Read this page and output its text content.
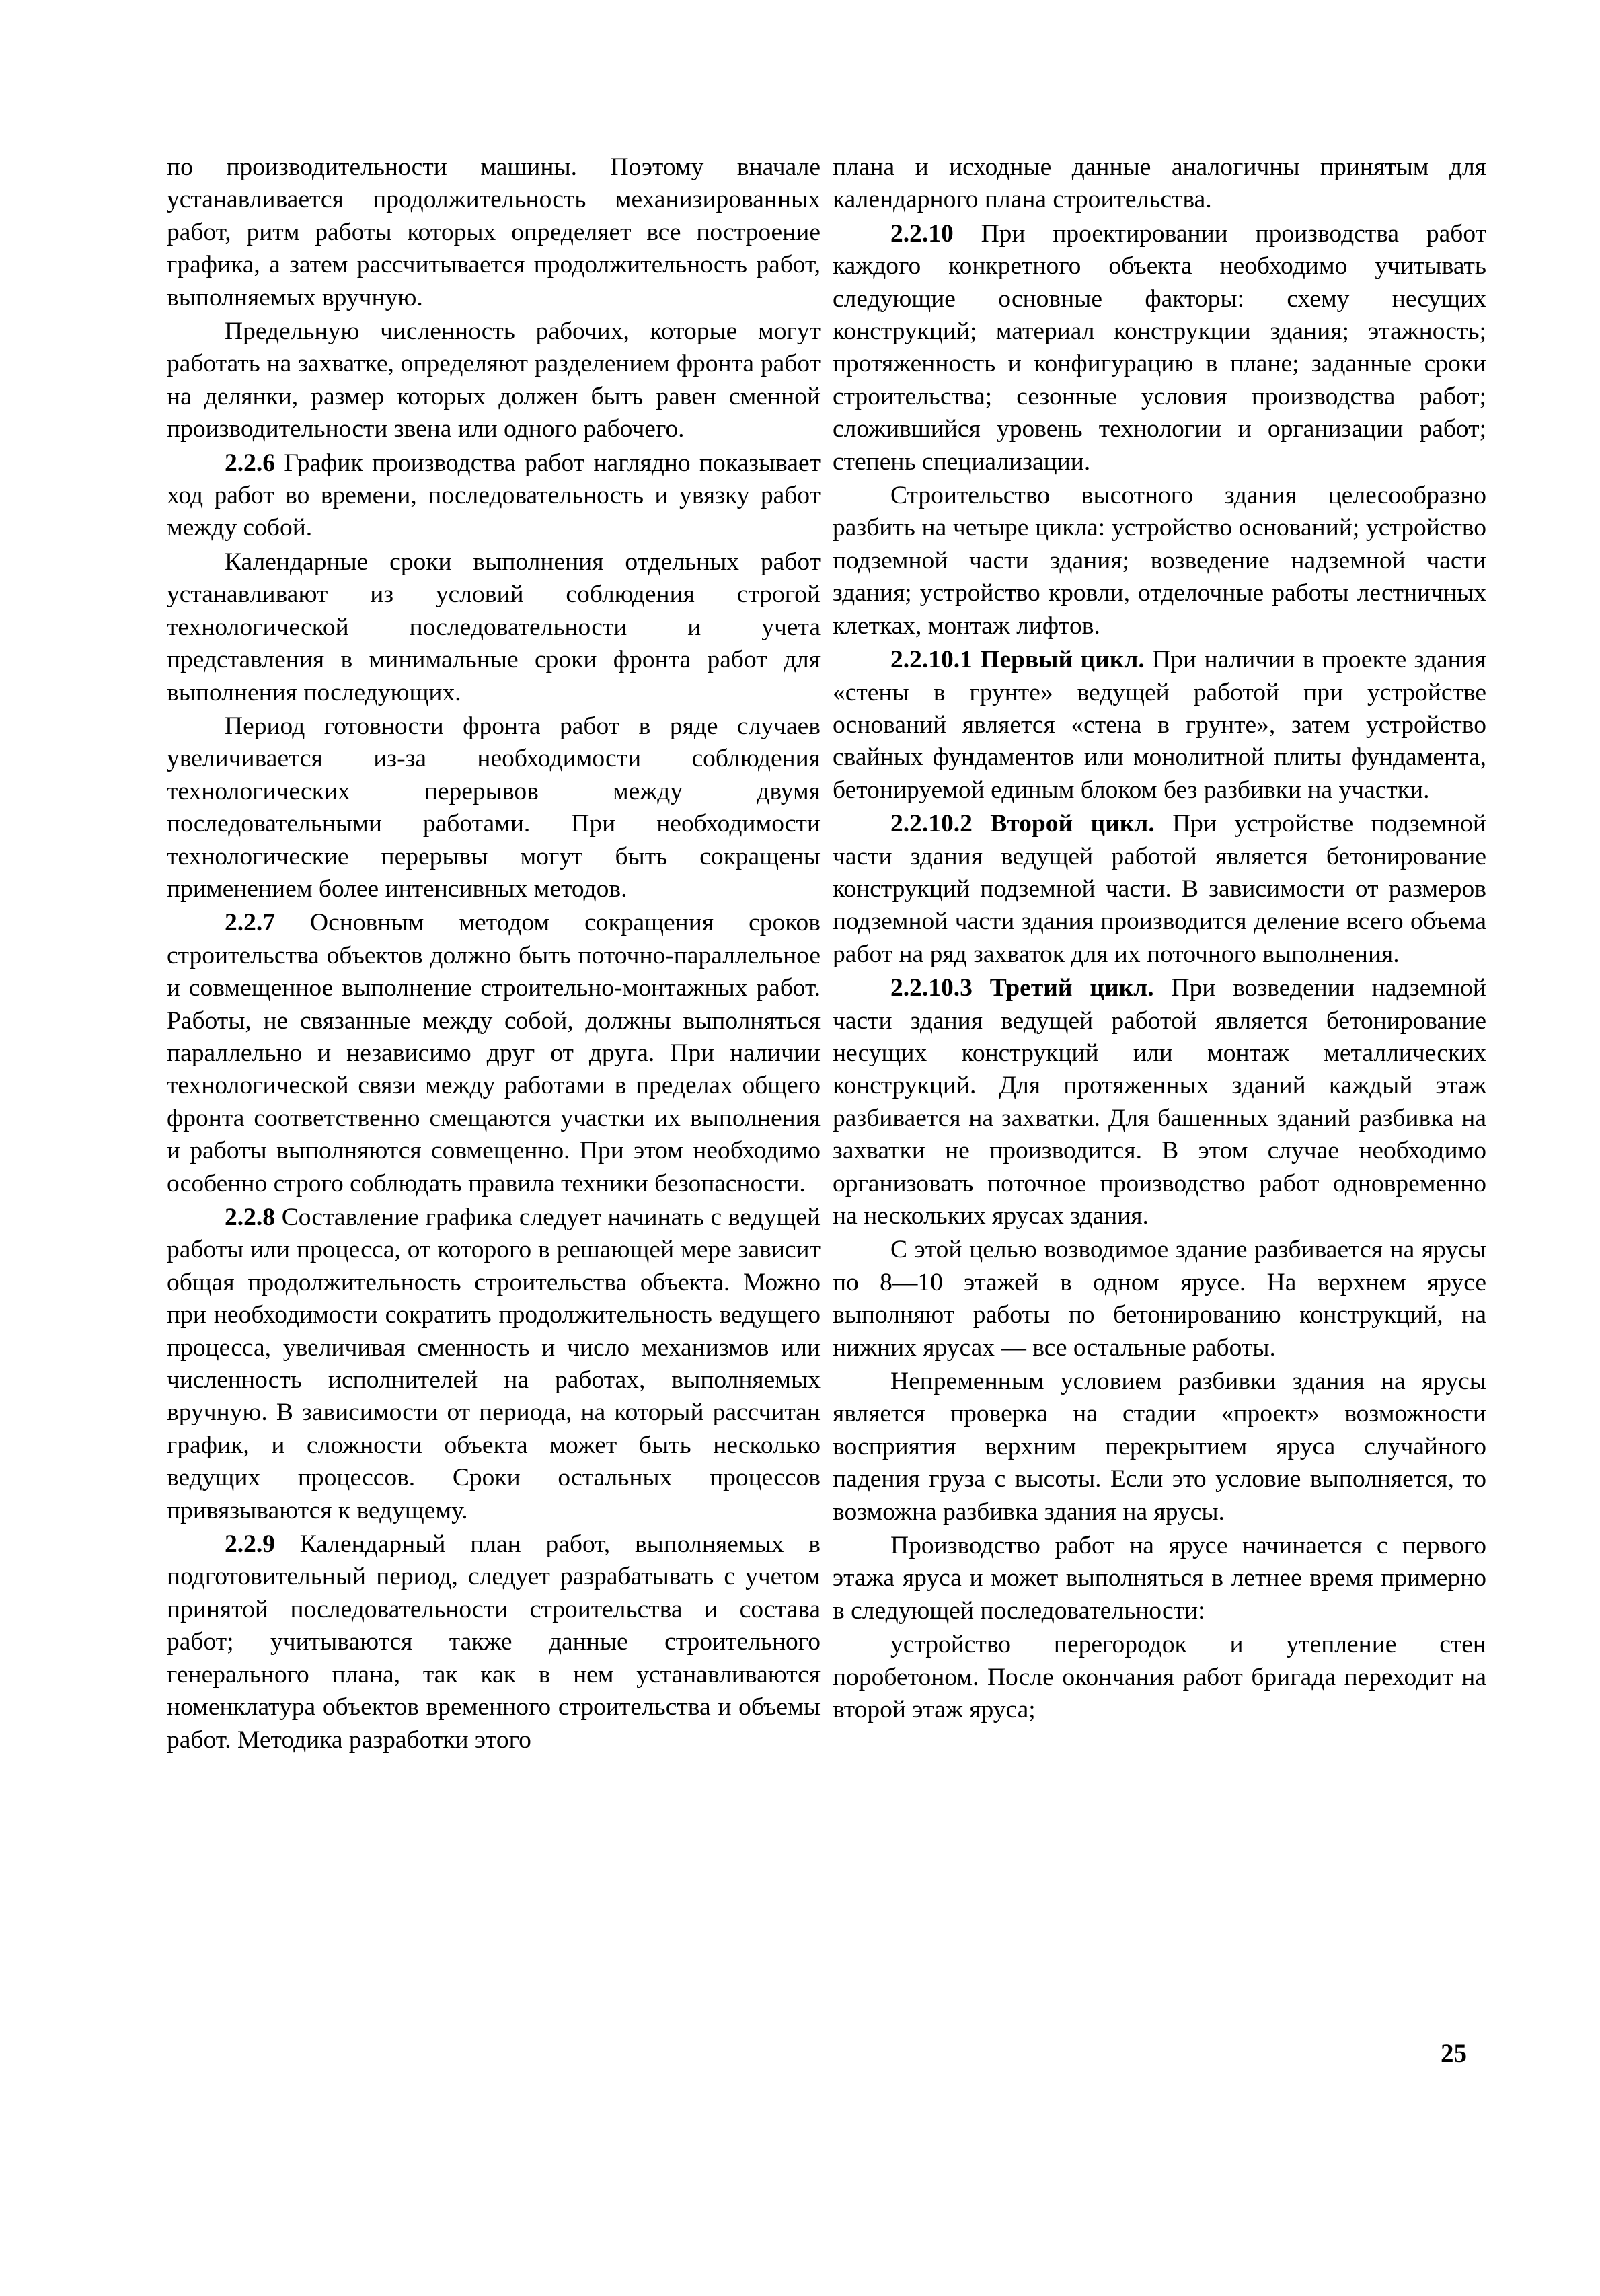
по производительности машины. Поэтому вначале устанавливается продолжительность механизированных работ, ритм работы которых определяет все построение графика, а затем рассчитывается продолжительность работ, выполняемых вручную.

Предельную численность рабочих, которые могут работать на захватке, определяют разделением фронта работ на делянки, размер которых должен быть равен сменной производительности звена или одного рабочего.

2.2.6 График производства работ наглядно показывает ход работ во времени, последовательность и увязку работ между собой.

Календарные сроки выполнения отдельных работ устанавливают из условий соблюдения строгой технологической последовательности и учета представления в минимальные сроки фронта работ для выполнения последующих.

Период готовности фронта работ в ряде случаев увеличивается из-за необходимости соблюдения технологических перерывов между двумя последовательными работами. При необходимости технологические перерывы могут быть сокращены применением более интенсивных методов.

2.2.7 Основным методом сокращения сроков строительства объектов должно быть поточно-параллельное и совмещенное выполнение строительно-монтажных работ. Работы, не связанные между собой, должны выполняться параллельно и независимо друг от друга. При наличии технологической связи между работами в пределах общего фронта соответственно смещаются участки их выполнения и работы выполняются совмещенно. При этом необходимо особенно строго соблюдать правила техники безопасности.

2.2.8 Составление графика следует начинать с ведущей работы или процесса, от которого в решающей мере зависит общая продолжительность строительства объекта. Можно при необходимости сократить продолжительность ведущего процесса, увеличивая сменность и число механизмов или численность исполнителей на работах, выполняемых вручную. В зависимости от периода, на который рассчитан график, и сложности объекта может быть несколько ведущих процессов. Сроки остальных процессов привязываются к ведущему.

2.2.9 Календарный план работ, выполняемых в подготовительный период, следует разрабатывать с учетом принятой последовательности строительства и состава работ; учитываются также данные строительного генерального плана, так как в нем устанавливаются номенклатура объектов временного строительства и объемы работ. Методика разработки этого

плана и исходные данные аналогичны принятым для календарного плана строительства.

2.2.10 При проектировании производства работ каждого конкретного объекта необходимо учитывать следующие основные факторы: схему несущих конструкций; материал конструкции здания; этажность; протяженность и конфигурацию в плане; заданные сроки строительства; сезонные условия производства работ; сложившийся уровень технологии и организации работ; степень специализации.

Строительство высотного здания целесообразно разбить на четыре цикла: устройство оснований; устройство подземной части здания; возведение надземной части здания; устройство кровли, отделочные работы лестничных клетках, монтаж лифтов.

2.2.10.1 Первый цикл. При наличии в проекте здания «стены в грунте» ведущей работой при устройстве оснований является «стена в грунте», затем устройство свайных фундаментов или монолитной плиты фундамента, бетонируемой единым блоком без разбивки на участки.

2.2.10.2 Второй цикл. При устройстве подземной части здания ведущей работой является бетонирование конструкций подземной части. В зависимости от размеров подземной части здания производится деление всего объема работ на ряд захваток для их поточного выполнения.

2.2.10.3 Третий цикл. При возведении надземной части здания ведущей работой является бетонирование несущих конструкций или монтаж металлических конструкций. Для протяженных зданий каждый этаж разбивается на захватки. Для башенных зданий разбивка на захватки не производится. В этом случае необходимо организовать поточное производство работ одновременно на нескольких ярусах здания.

С этой целью возводимое здание разбивается на ярусы по 8—10 этажей в одном ярусе. На верхнем ярусе выполняют работы по бетонированию конструкций, на нижних ярусах — все остальные работы.

Непременным условием разбивки здания на ярусы является проверка на стадии «проект» возможности восприятия верхним перекрытием яруса случайного падения груза с высоты. Если это условие выполняется, то возможна разбивка здания на ярусы.

Производство работ на ярусе начинается с первого этажа яруса и может выполняться в летнее время примерно в следующей последовательности:

устройство перегородок и утепление стен поробетоном. После окончания работ бригада переходит на второй этаж яруса;

25
